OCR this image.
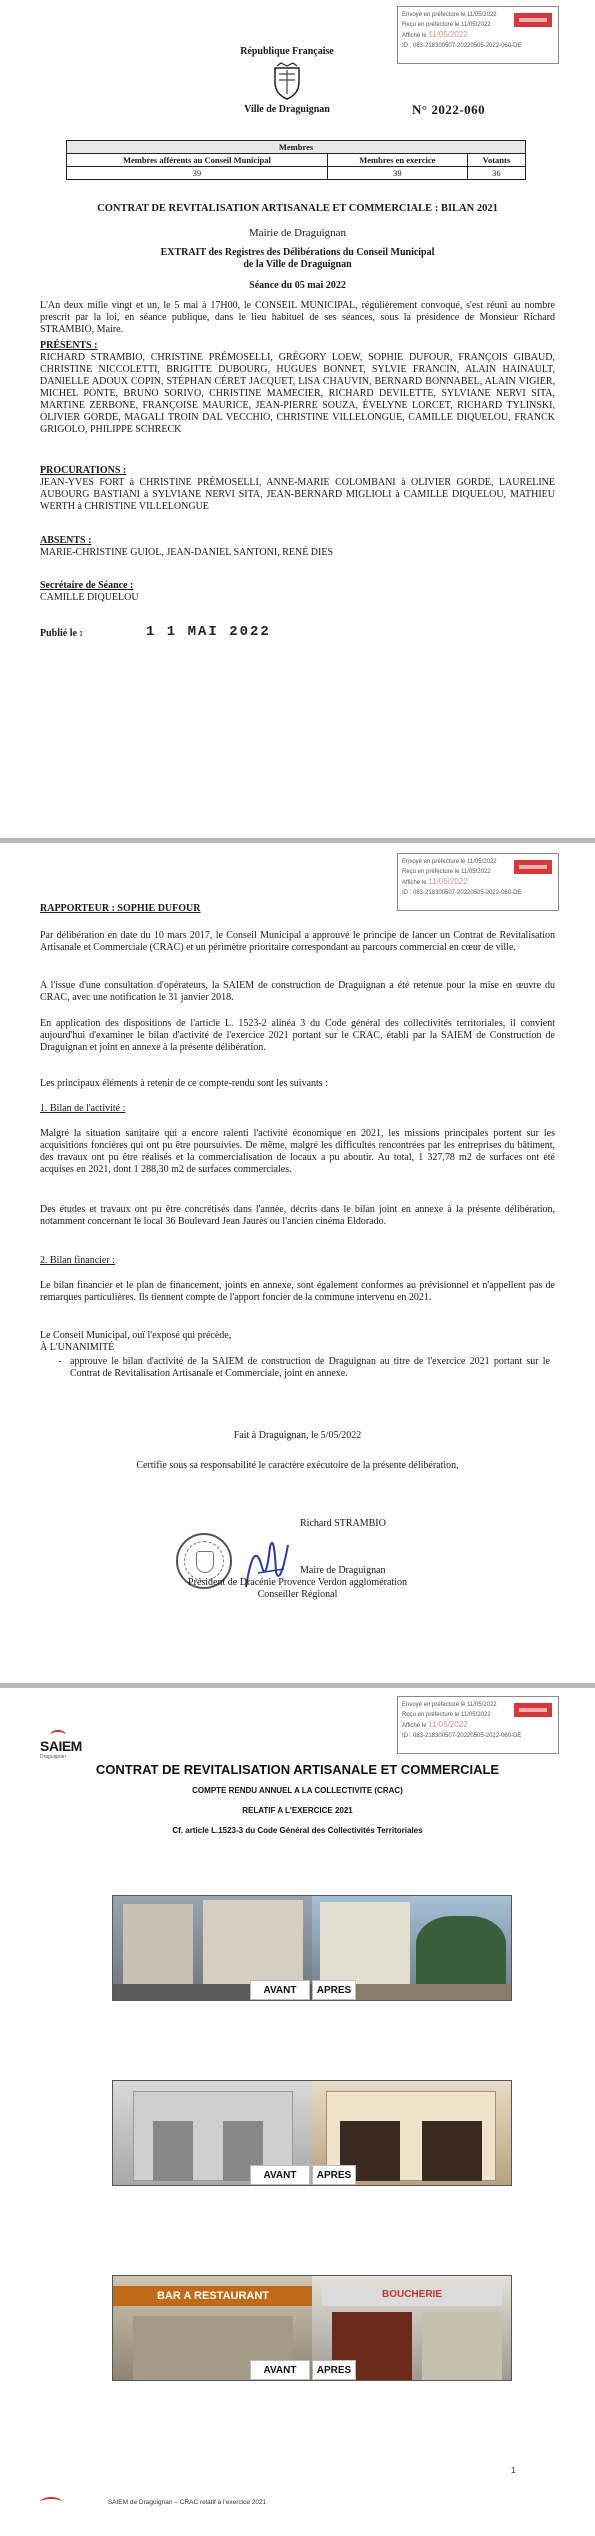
Envoyé en préfecture le 11/05/2022
Reçu en préfecture le 11/05/2022
Affiché le 11/05/2022
ID : 083-218300507-20220505-2022-060-DE
République Française
Ville de Draguignan	N° 2022-060
Membres		
Membres afférents au Conseil Municipal	Membres en exercice	Votants
39	39	36
CONTRAT DE REVITALISATION ARTISANALE ET COMMERCIALE : BILAN 2021
Mairie de Draguignan
EXTRAIT des Registres des Délibérations du Conseil Municipal
de la Ville de Draguignan
Séance du 05 mai 2022
L'An deux mille vingt et un, le 5 mai à 17H00, le CONSEIL MUNICIPAL, régulièrement convoqué, s'est réuni au nombre prescrit par la loi, en séance publique, dans le lieu habituel de ses séances, sous la présidence de Monsieur Richard STRAMBIO, Maire.
PRÉSENTS :
RICHARD STRAMBIO, CHRISTINE PRÉMOSELLI, GRÉGORY LOEW, SOPHIE DUFOUR, FRANÇOIS GIBAUD, CHRISTINE NICCOLETTI, BRIGITTE DUBOURG, HUGUES BONNET, SYLVIE FRANCIN, ALAIN HAINAULT, DANIELLE ADOUX COPIN, STÉPHAN CÉRET JACQUET, LISA CHAUVIN, BERNARD BONNABEL, ALAIN VIGIER, MICHEL PONTE, BRUNO SORIVO, CHRISTINE MAMECIER, RICHARD DEVILETTE, SYLVIANE NERVI SITA, MARTINE ZERBONE, FRANÇOISE MAURICE, JEAN-PIERRE SOUZA, ÉVELYNE LORCET, RICHARD TYLINSKI, OLIVIER GORDE, MAGALI TROIN DAL VECCHIO, CHRISTINE VILLELONGUE, CAMILLE DIQUELOU, FRANCK GRIGOLO, PHILIPPE SCHRECK
PROCURATIONS :
JEAN-YVES FORT à CHRISTINE PRÉMOSELLI, ANNE-MARIE COLOMBANI à OLIVIER GORDE, LAURELINE AUBOURG BASTIANI à SYLVIANE NERVI SITA, JEAN-BERNARD MIGLIOLI à CAMILLE DIQUELOU, MATHIEU WERTH à CHRISTINE VILLELONGUE
ABSENTS :
MARIE-CHRISTINE GUIOL, JEAN-DANIEL SANTONI, RENÉ DIES
Secrétaire de Séance :
CAMILLE DIQUELOU
Publié le :	1 1 MAI 2022
Envoyé en préfecture le 11/05/2022
Reçu en préfecture le 11/05/2022
Affiché le 11/05/2022
ID : 083-218300507-20220505-2022-060-DE
RAPPORTEUR : SOPHIE DUFOUR
Par délibération en date du 10 mars 2017, le Conseil Municipal a approuvé le principe de lancer un Contrat de Revitalisation Artisanale et Commerciale (CRAC) et un périmètre prioritaire correspondant au parcours commercial en cœur de ville.
A l'issue d'une consultation d'opérateurs, la SAIEM de construction de Draguignan a été retenue pour la mise en œuvre du CRAC, avec une notification le 31 janvier 2018.
En application des dispositions de l'article L. 1523-2 alinéa 3 du Code général des collectivités territoriales, il convient aujourd'hui d'examiner le bilan d'activité de l'exercice 2021 portant sur le CRAC, établi par la SAIEM de Construction de Draguignan et joint en annexe à la présente délibération.
Les principaux éléments à retenir de ce compte-rendu sont les suivants :
1. Bilan de l'activité :
Malgré la situation sanitaire qui a encore ralenti l'activité économique en 2021, les missions principales portent sur les acquisitions foncières qui ont pu être poursuivies. De même, malgré les difficultés rencontrées par les entreprises du bâtiment, des travaux ont pu être réalisés et la commercialisation de locaux a pu aboutir. Au total, 1 327,78 m2 de surfaces ont été acquises en 2021, dont 1 288,30 m2 de surfaces commerciales.
Des études et travaux ont pu être concrétisés dans l'année, décrits dans le bilan joint en annexe à la présente délibération, notamment concernant le local 36 Boulevard Jean Jaurès ou l'ancien cinéma Eldorado.
2. Bilan financier :
Le bilan financier et le plan de financement, joints en annexe, sont également conformes au prévisionnel et n'appellent pas de remarques particulières. Ils tiennent compte de l'apport foncier de la commune intervenu en 2021.
Le Conseil Municipal, ouï l'exposé qui précède,
À L'UNANIMITÉ
- approuve le bilan d'activité de la SAIEM de construction de Draguignan au titre de l'exercice 2021 portant sur le Contrat de Revitalisation Artisanale et Commerciale, joint en annexe.
Fait à Draguignan, le 5/05/2022
Certifie sous sa responsabilité le caractère exécutoire de la présente délibération,
Richard STRAMBIO
Maire de Draguignan
Président de Dracénie Provence Verdon agglomération
Conseiller Régional
Envoyé en préfecture le 11/05/2022
Reçu en préfecture le 11/05/2022
Affiché le 11/05/2022
ID : 083-218300507-20220505-2022-060-DE
SAIEM
Draguignan
CONTRAT DE REVITALISATION ARTISANALE ET COMMERCIALE
COMPTE RENDU ANNUEL A LA COLLECTIVITE (CRAC)
RELATIF A L'EXERCICE 2021
Cf. article L.1523-3 du Code Général des Collectivités Territoriales
AVANT	APRES
AVANT	APRES
BAR A RESTAURANT	BOUCHERIE
AVANT	APRES
1
SAIEM de Draguignan – CRAC relatif à l'exercice 2021
